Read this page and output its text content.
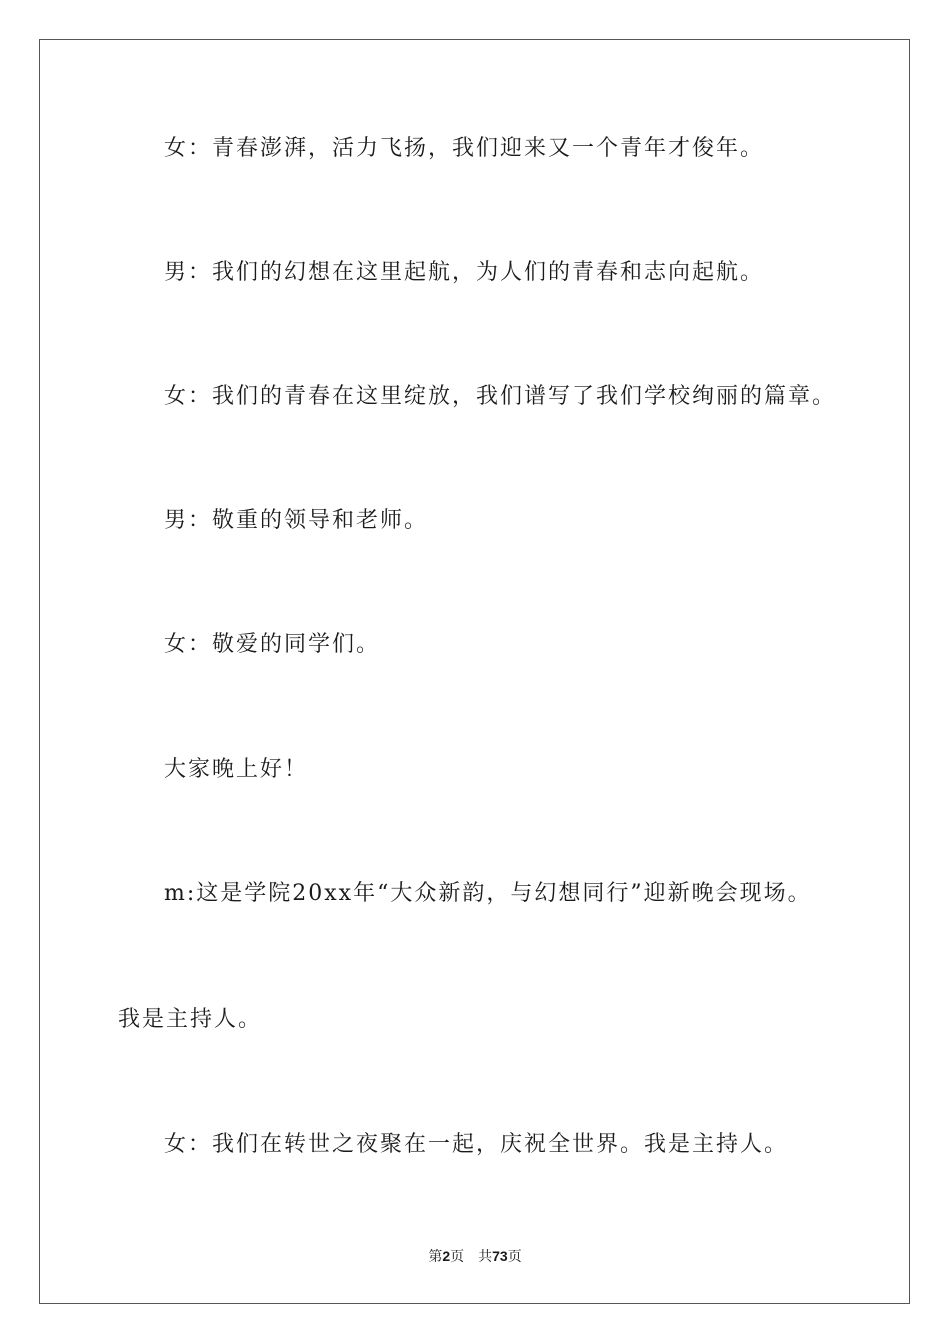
女：青春澎湃，活力飞扬，我们迎来又一个青年才俊年。

男：我们的幻想在这里起航，为人们的青春和志向起航。

女：我们的青春在这里绽放，我们谱写了我们学校绚丽的篇章。

男：敬重的领导和老师。

女：敬爱的同学们。

大家晚上好！

m:这是学院20xx年“大众新韵，与幻想同行”迎新晚会现场。

我是主持人。

女：我们在转世之夜聚在一起，庆祝全世界。我是主持人。

第2页 共73页
